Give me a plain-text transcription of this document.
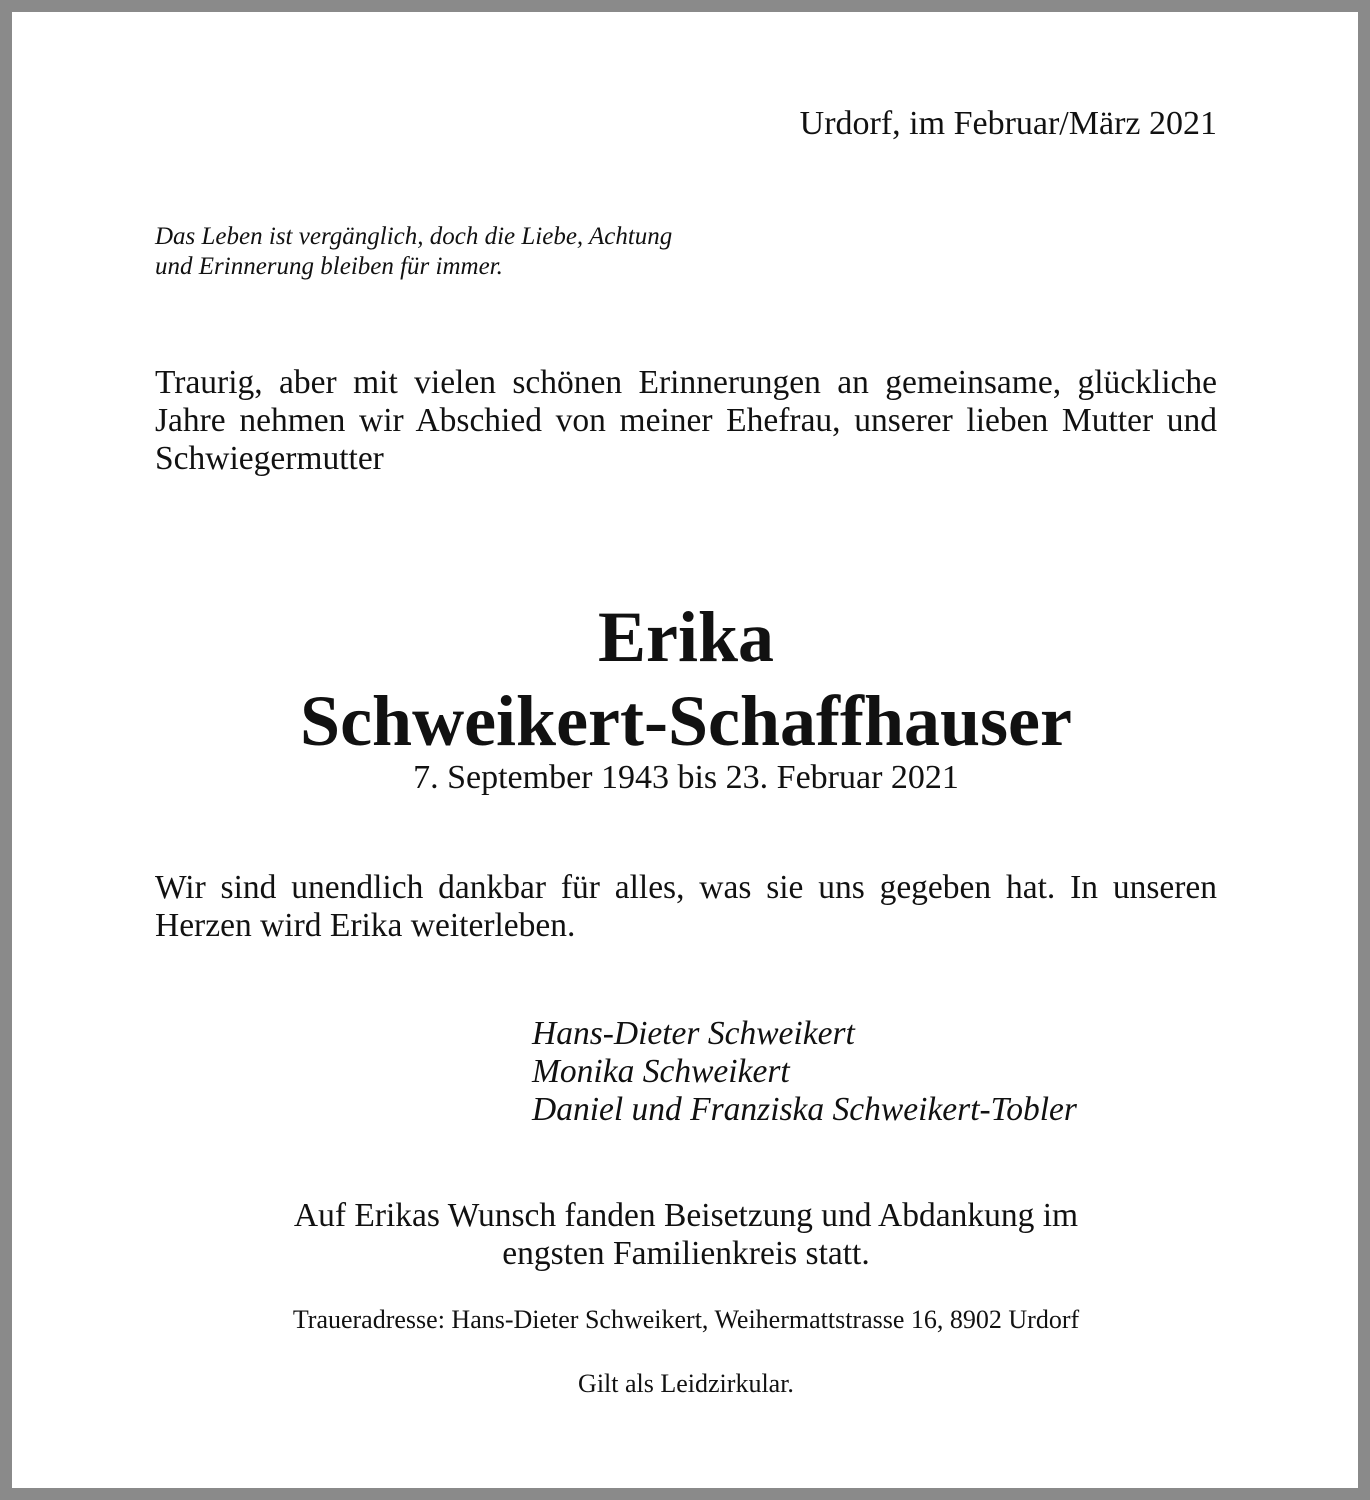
Urdorf, im Februar/März 2021
Das Leben ist vergänglich, doch die Liebe, Achtung
und Erinnerung bleiben für immer.
Traurig, aber mit vielen schönen Erinnerungen an gemeinsame, glückliche Jahre nehmen wir Abschied von meiner Ehefrau, unserer lieben Mutter und Schwiegermutter
Erika
Schweikert-Schaffhauser
7. September 1943 bis 23. Februar 2021
Wir sind unendlich dankbar für alles, was sie uns gegeben hat. In unseren Herzen wird Erika weiterleben.
Hans-Dieter Schweikert
Monika Schweikert
Daniel und Franziska Schweikert-Tobler
Auf Erikas Wunsch fanden Beisetzung und Abdankung im
engsten Familienkreis statt.
Traueradresse: Hans-Dieter Schweikert, Weihermattstrasse 16, 8902 Urdorf
Gilt als Leidzirkular.
